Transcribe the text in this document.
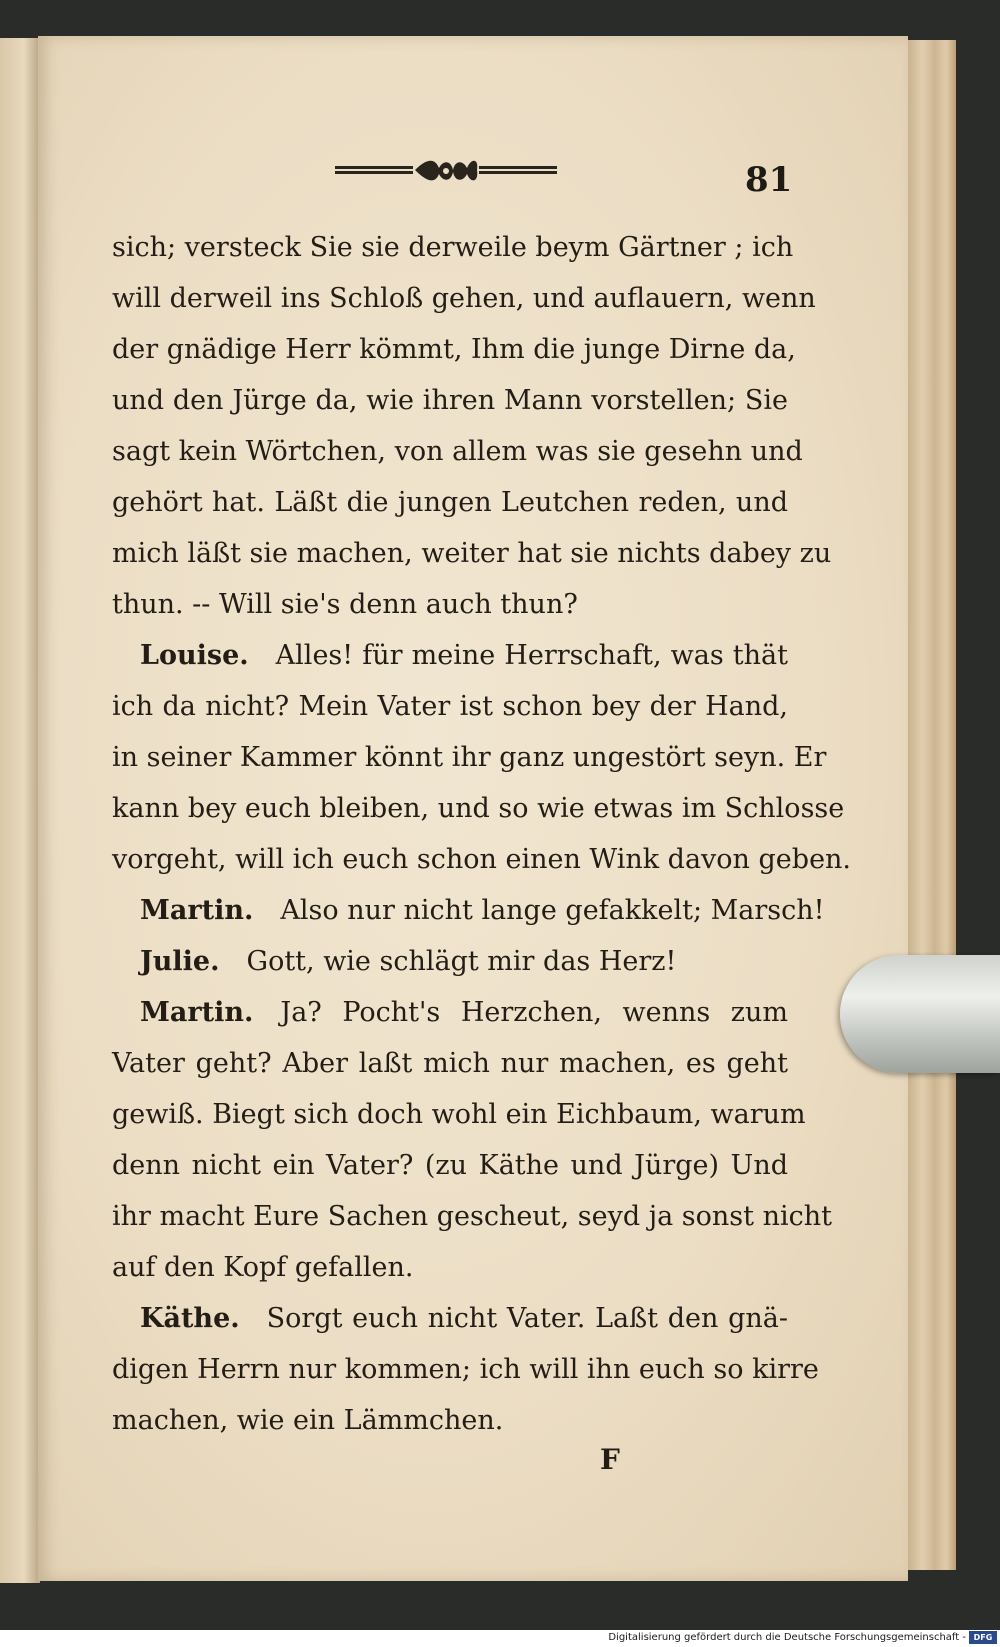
81
sich; versteck Sie sie derweile beym Gärtner ; ich
will derweil ins Schloß gehen, und auflauern, wenn
der gnädige Herr kömmt, Ihm die junge Dirne da,
und den Jürge da, wie ihren Mann vorstellen; Sie
sagt kein Wörtchen, von allem was sie gesehn und
gehört hat. Läßt die jungen Leutchen reden, und
mich läßt sie machen, weiter hat sie nichts dabey zu
thun. -- Will sie's denn auch thun?
Louise. Alles! für meine Herrschaft, was thät
ich da nicht? Mein Vater ist schon bey der Hand,
in seiner Kammer könnt ihr ganz ungestört seyn. Er
kann bey euch bleiben, und so wie etwas im Schlosse
vorgeht, will ich euch schon einen Wink davon geben.
Martin. Also nur nicht lange gefakkelt; Marsch!
Julie. Gott, wie schlägt mir das Herz!
Martin. Ja? Pocht's Herzchen, wenns zum
Vater geht? Aber laßt mich nur machen, es geht
gewiß. Biegt sich doch wohl ein Eichbaum, warum
denn nicht ein Vater? (zu Käthe und Jürge) Und
ihr macht Eure Sachen gescheut, seyd ja sonst nicht
auf den Kopf gefallen.
Käthe. Sorgt euch nicht Vater. Laßt den gnä-
digen Herrn nur kommen; ich will ihn euch so kirre
machen, wie ein Lämmchen.
F
Digitalisierung gefördert durch die Deutsche Forschungsgemeinschaft - DFG
